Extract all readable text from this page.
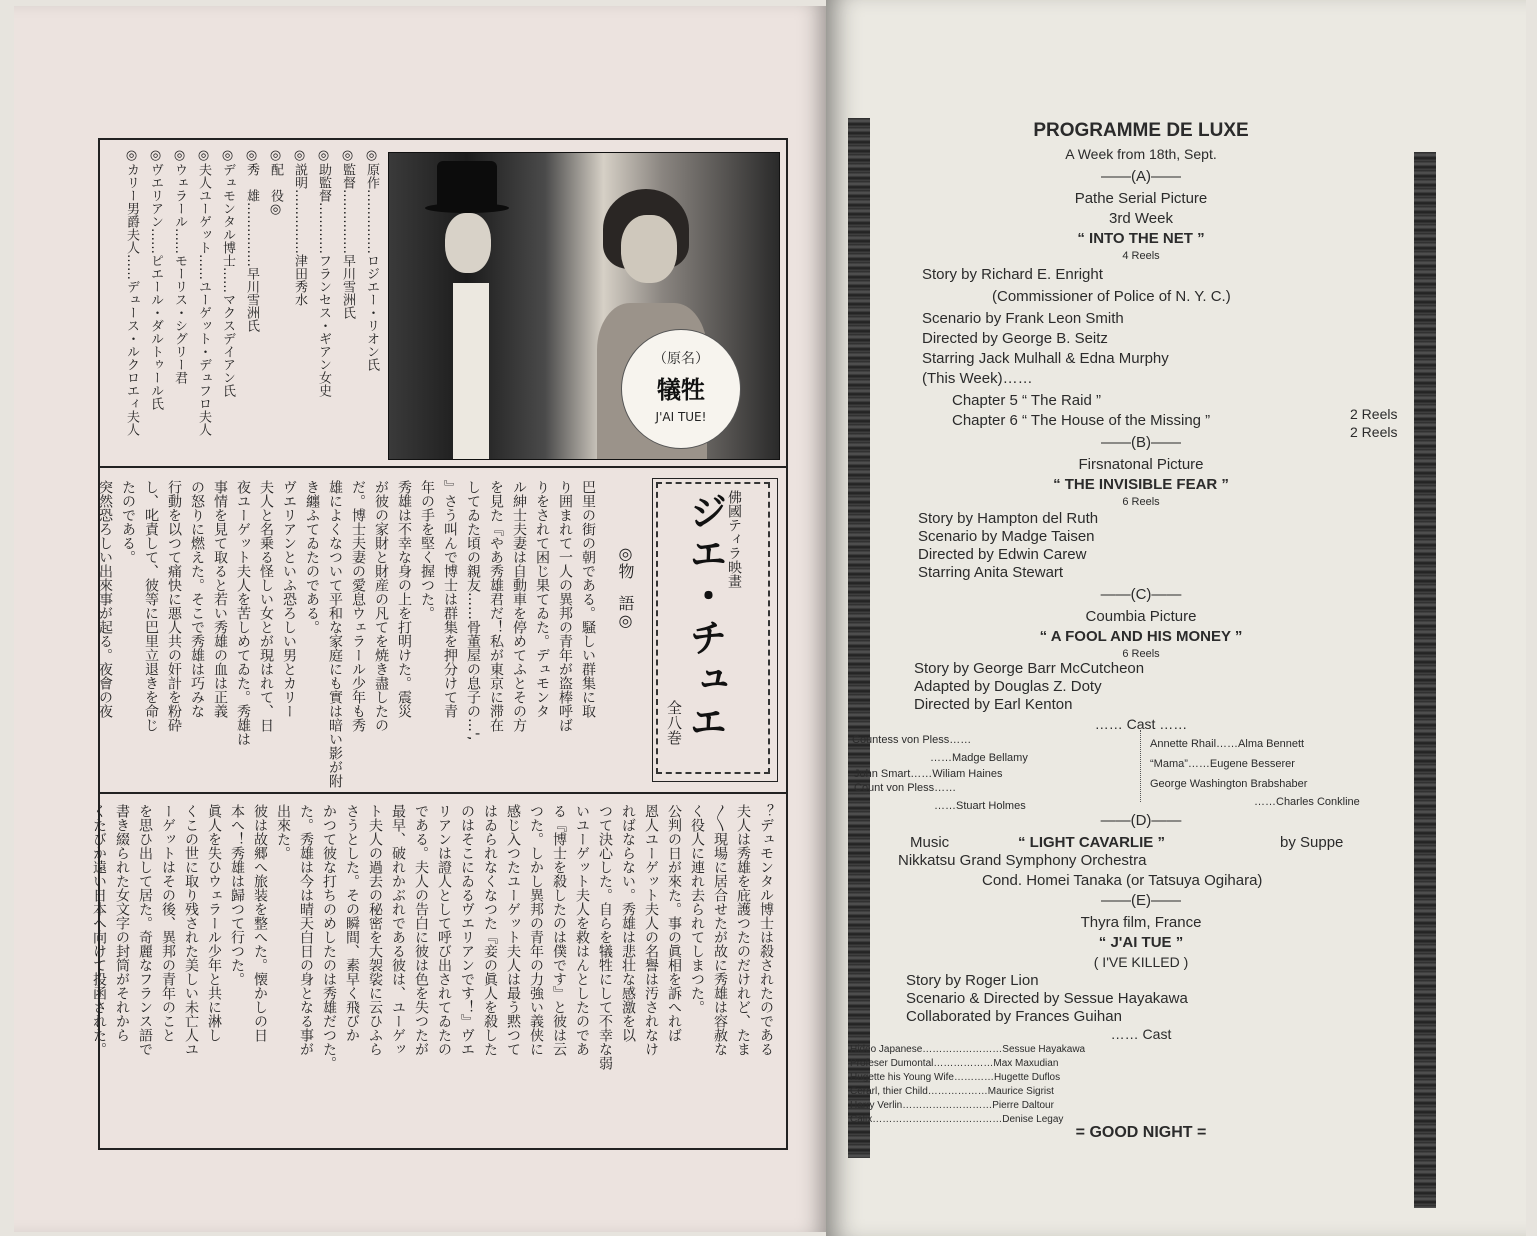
◎原作……………ロジエー・リオン氏
◎監督……………早川雪洲氏
◎助監督…………フランセス・ギアン女史
◎説明……………津田秀水
◎配　役◎
◎秀　雄……………早川雪洲氏
◎デュモンタル博士……マクスデイアン氏
◎夫人ユーゲット……ユーゲット・デュフロ夫人
◎ウェラール……モーリス・シグリー君
◎ヴエリアン……ピエール・ダルトゥール氏
◎カリー男爵夫人……デュース・ルクロエィ夫人	（原名）
犠牲
J'AI TUE!
佛國ティラ映畫
ジエ・チュエ
全八巻
◎物　語◎
巴里の街の朝である。騒しい群集に取
り囲まれて一人の異邦の青年が盗棒呼ば
りをされて困じ果てゐた。デュモンタ
ル紳士夫妻は自動車を停めてふとその方
を見た『やあ秀雄君だ！私が東京に滞在
してゐた頃の親友……骨董屋の息子の…',
』さう叫んで博士は群集を押分けて青
年の手を堅く握つた。
秀雄は不幸な身の上を打明けた。震災
が彼の家財と財産の凡てを焼き盡したの
だ。博士夫妻の愛息ウェラール少年も秀
雄によくなついて平和な家庭にも實は暗い影が附
き纏ふてゐたのである。
ヴエリアンといふ恐ろしい男とカリー
夫人と名乗る怪しい女とが現はれて、日
夜ユーゲット夫人を苦しめてゐた。秀雄は
事情を見て取ると若い秀雄の血は正義
の怒りに燃えた。そこで秀雄は巧みな
行動を以つて痛快に悪人共の奸計を粉砕
し、叱責して、彼等に巴里立退きを命じ
たのである。
突然恐ろしい出來事が起る。夜會の夜
？デュモンタル博士は殺されたのである
夫人は秀雄を庇護つたのだけれど、たま
〳〵現場に居合せたが故に秀雄は容赦な
く役人に連れ去られてしまつた。
公判の日が來た。事の眞相を訴へれば
恩人ユーゲット夫人の名譽は汚されなけ
ればならない。秀雄は悲壮な感激を以
つて決心した。自らを犠牲にして不幸な弱
いユーゲット夫人を救はんとしたのであ
る『博士を殺したのは僕です』と彼は云
つた。しかし異邦の青年の力強い義侠に
感じ入つたユーゲット夫人は最う黙つて
はゐられなくなつた『妾の眞人を殺した
のはそこにゐるヴエリアンです！』ヴエ
リアンは證人として呼び出されてゐたの
である。夫人の告白に彼は色を失つたが
最早、破れかぶれである彼は、ユーゲッ
ト夫人の過去の秘密を大袈裟に云ひふら
さうとした。その瞬間、素早く飛びか
かつて彼な打ちのめしたのは秀雄だつた。
た。秀雄は今は晴天白日の身となる事が
出來た。
彼は故郷へ旅装を整へた。懐かしの日
本へ！秀雄は歸つて行つた。
眞人を失ひウェラール少年と共に淋し
くこの世に取り残された美しい未亡人ユ
ーゲットはその後、異邦の青年のこと
を思ひ出して居た。奇麗なフランス語で
書き綴られた女文字の封筒がそれから
くたびか遠い日本へ向けて投函された。
PROGRAMME DE LUXE
A Week from 18th, Sept.
——(A)——
Pathe Serial Picture
3rd Week
“ INTO THE NET ”
4 Reels
Story by Richard E. Enright
(Commissioner of Police of N. Y. C.)
Scenario by Frank Leon Smith
Directed by George B. Seitz
Starring Jack Mulhall & Edna Murphy
(This Week)……
Chapter 5 “ The Raid ”
Chapter 6 “ The House of the Missing ”	2 Reels
2 Reels
——(B)——
Firsnatonal Picture
“ THE INVISIBLE FEAR ”
6 Reels
Story by Hampton del Ruth
Scenario by Madge Taisen
Directed by Edwin Carew
Starring Anita Stewart
——(C)——
Coumbia Picture
“ A FOOL AND HIS MONEY ”
6 Reels
Story by George Barr McCutcheon
Adapted by Douglas Z. Doty
Directed by Earl Kenton
…… Cast ……
Countess von Pless……
……Madge Bellamy
John Smart……Wiliam Haines
Count von Pless……
……Stuart Holmes
Annette Rhail……Alma Bennett
“Mama”……Eugene Besserer
George Washington Brabshaber
……Charles Conkline
——(D)——
Music	“ LIGHT CAVARLIE ”	by Suppe
Nikkatsu Grand Symphony Orchestra
Cond. Homei Tanaka (or Tatsuya Ogihara)
——(E)——
Thyra film, France
“ J'AI TUE ”
( I'VE KILLED )
Story by Roger Lion
Scenario & Directed by Sessue Hayakawa
Collaborated by Frances Guihan
…… Cast
Hideo Japanese……………………Sessue Hayakawa
Profeser Dumontal………………Max Maxudian
Hugette his Young Wife…………Hugette Duflos
Cerarl, thier Child………………Maurice Sigrist
Harry Verlin………………………Pierre Daltour
Calix…………………………………Denise Legay
= GOOD NIGHT =
